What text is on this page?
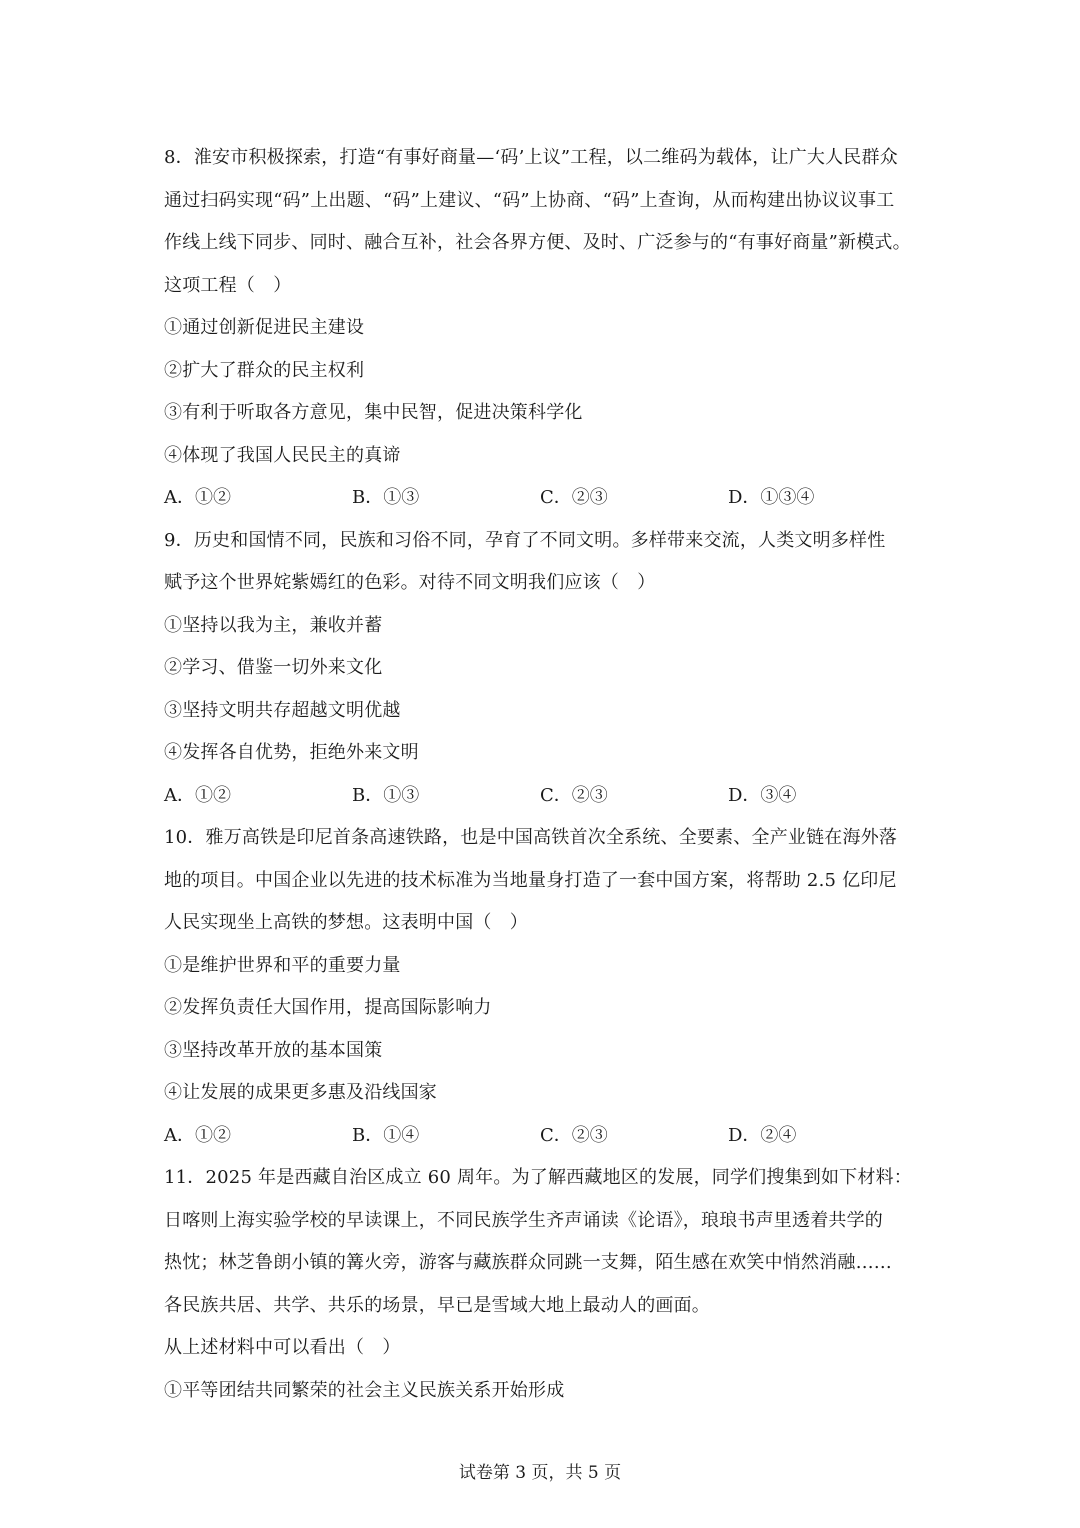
8．淮安市积极探索，打造“有事好商量—‘码’上议”工程，以二维码为载体，让广大人民群众
通过扫码实现“码”上出题、“码”上建议、“码”上协商、“码”上查询，从而构建出协议议事工
作线上线下同步、同时、融合互补，社会各界方便、及时、广泛参与的“有事好商量”新模式。
这项工程（　）
①通过创新促进民主建设
②扩大了群众的民主权利
③有利于听取各方意见，集中民智，促进决策科学化
④体现了我国人民民主的真谛
A．①②	B．①③	C．②③	D．①③④
9．历史和国情不同，民族和习俗不同，孕育了不同文明。多样带来交流，人类文明多样性
赋予这个世界姹紫嫣红的色彩。对待不同文明我们应该（　）
①坚持以我为主，兼收并蓄
②学习、借鉴一切外来文化
③坚持文明共存超越文明优越
④发挥各自优势，拒绝外来文明
A．①②	B．①③	C．②③	D．③④
10．雅万高铁是印尼首条高速铁路，也是中国高铁首次全系统、全要素、全产业链在海外落
地的项目。中国企业以先进的技术标准为当地量身打造了一套中国方案，将帮助 2.5 亿印尼
人民实现坐上高铁的梦想。这表明中国（　）
①是维护世界和平的重要力量
②发挥负责任大国作用，提高国际影响力
③坚持改革开放的基本国策
④让发展的成果更多惠及沿线国家
A．①②	B．①④	C．②③	D．②④
11．2025 年是西藏自治区成立 60 周年。为了解西藏地区的发展，同学们搜集到如下材料：
日喀则上海实验学校的早读课上，不同民族学生齐声诵读《论语》，琅琅书声里透着共学的
热忱；林芝鲁朗小镇的篝火旁，游客与藏族群众同跳一支舞，陌生感在欢笑中悄然消融……
各民族共居、共学、共乐的场景，早已是雪域大地上最动人的画面。
从上述材料中可以看出（　）
①平等团结共同繁荣的社会主义民族关系开始形成
试卷第 3 页，共 5 页
